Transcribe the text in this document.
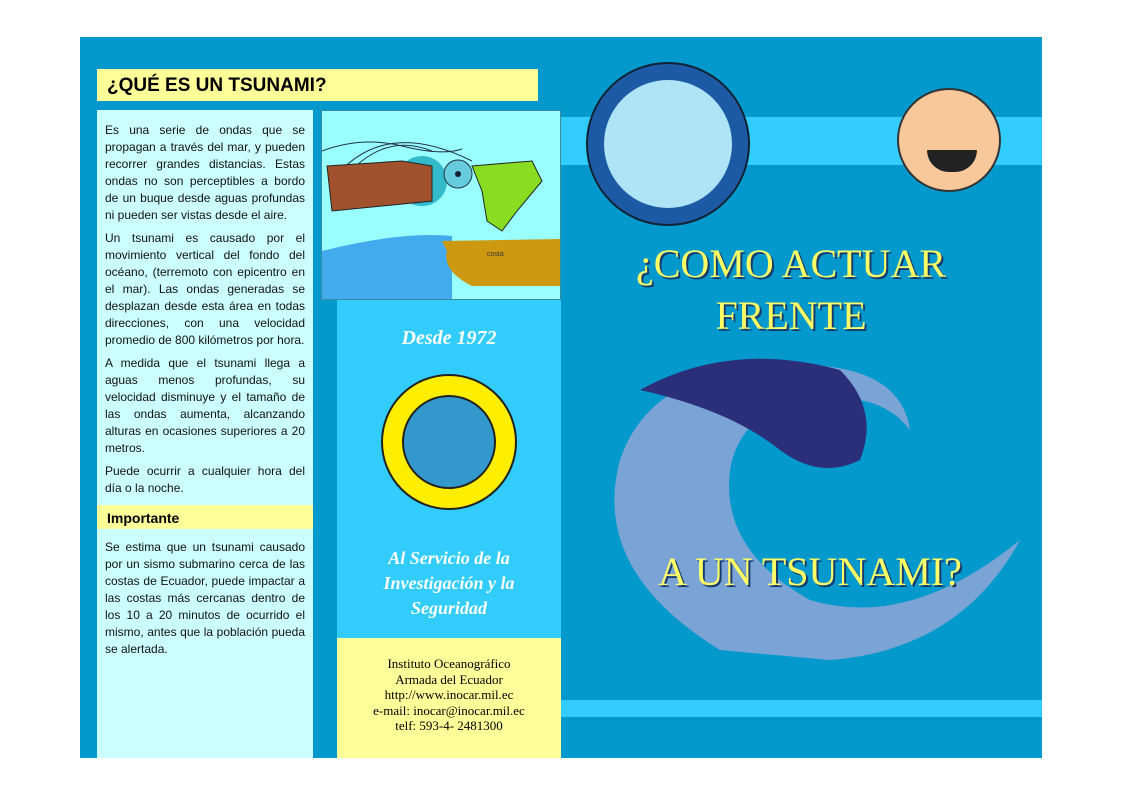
¿QUÉ ES UN TSUNAMI?

Es una serie de ondas que se propagan a través del mar, y pueden recorrer grandes distancias. Estas ondas no son perceptibles a bordo de un buque desde aguas profundas ni pueden ser vistas desde el aire.

Un tsunami es causado por el movimiento vertical del fondo del océano, (terremoto con epicentro en el mar). Las ondas generadas se desplazan desde esta área en todas direcciones, con una velocidad promedio de 800 kilómetros por hora.

A medida que el tsunami llega a aguas menos profundas, su velocidad disminuye y el tamaño de las ondas aumenta, alcanzando alturas en ocasiones superiores a 20 metros.

Puede ocurrir a cualquier hora del día o la noche.

Importante

Se estima que un tsunami causado por un sismo submarino cerca de las costas de Ecuador, puede impactar a las costas más cercanas dentro de los 10 a 20 minutos de ocurrido el mismo, antes que la población pueda se alertada.

costa
Desde 1972
Al Servicio de la Investigación y la Seguridad
Instituto Oceanográfico
Armada del Ecuador
http://www.inocar.mil.ec
e-mail: inocar@inocar.mil.ec
telf: 593-4- 2481300
¿COMO ACTUAR
FRENTE
A UN TSUNAMI?
